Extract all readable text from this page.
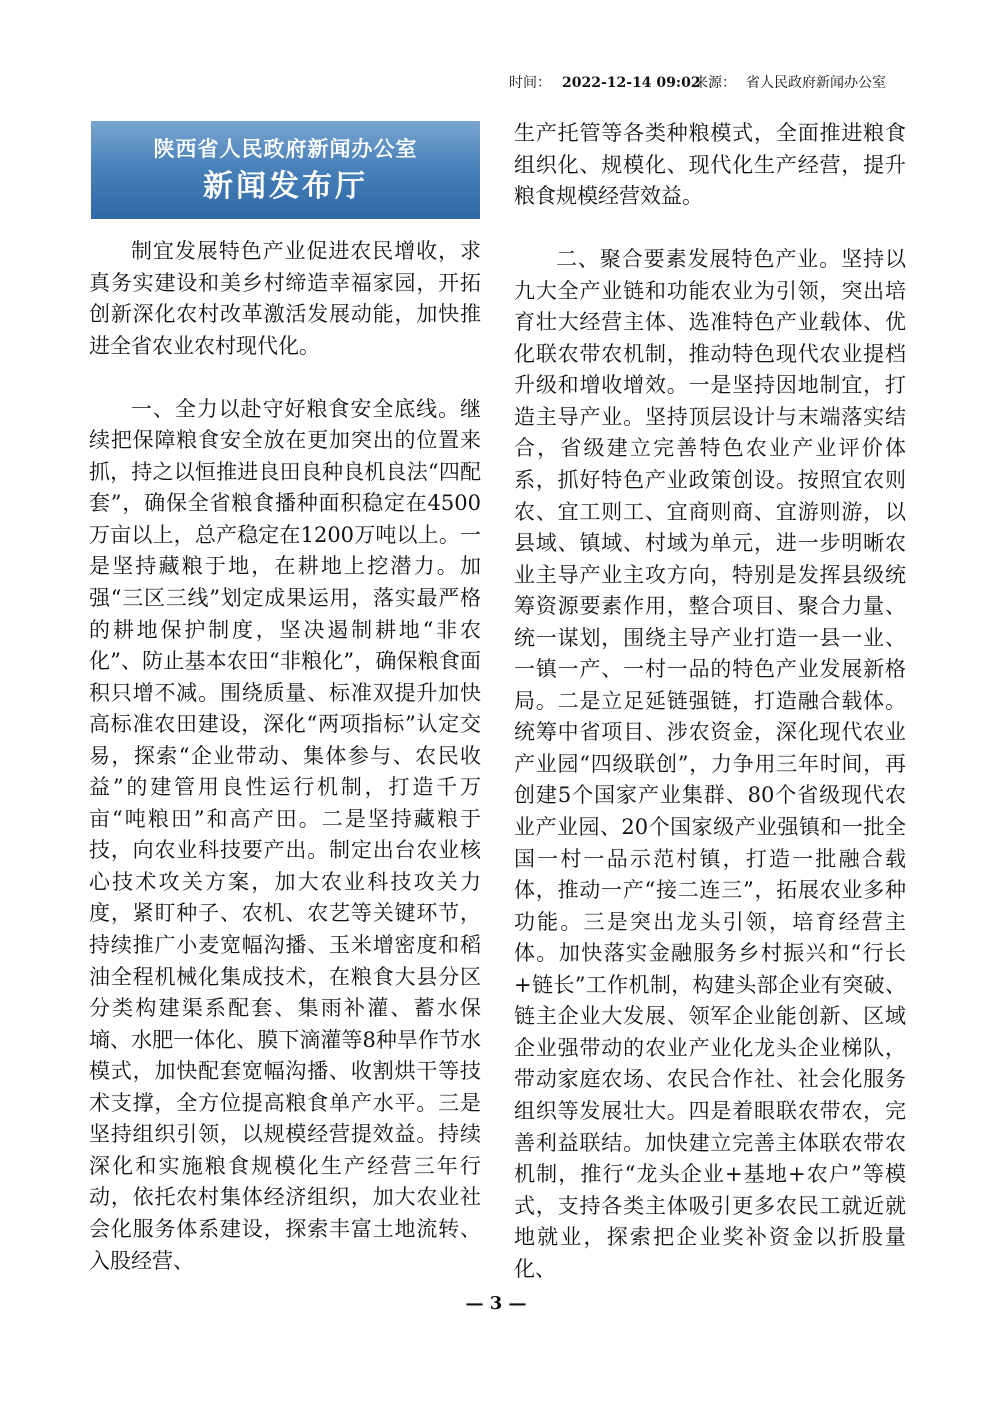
时间： 2022-12-14 09:02
来源： 省人民政府新闻办公室
陕西省人民政府新闻办公室
新闻发布厅

制宜发展特色产业促进农民增收，求真务实建设和美乡村缔造幸福家园，开拓创新深化农村改革激活发展动能，加快推进全省农业农村现代化。

一、全力以赴守好粮食安全底线。继续把保障粮食安全放在更加突出的位置来抓，持之以恒推进良田良种良机良法“四配套”，确保全省粮食播种面积稳定在4500万亩以上，总产稳定在1200万吨以上。一是坚持藏粮于地，在耕地上挖潜力。加强“三区三线”划定成果运用，落实最严格的耕地保护制度，坚决遏制耕地“非农化”、防止基本农田“非粮化”，确保粮食面积只增不减。围绕质量、标准双提升加快高标准农田建设，深化“两项指标”认定交易，探索“企业带动、集体参与、农民收益”的建管用良性运行机制，打造千万亩“吨粮田”和高产田。二是坚持藏粮于技，向农业科技要产出。制定出台农业核心技术攻关方案，加大农业科技攻关力度，紧盯种子、农机、农艺等关键环节，持续推广小麦宽幅沟播、玉米增密度和稻油全程机械化集成技术，在粮食大县分区分类构建渠系配套、集雨补灌、蓄水保墒、水肥一体化、膜下滴灌等8种旱作节水模式，加快配套宽幅沟播、收割烘干等技术支撑，全方位提高粮食单产水平。三是坚持组织引领，以规模经营提效益。持续深化和实施粮食规模化生产经营三年行动，依托农村集体经济组织，加大农业社会化服务体系建设，探索丰富土地流转、入股经营、

生产托管等各类种粮模式，全面推进粮食组织化、规模化、现代化生产经营，提升粮食规模经营效益。

二、聚合要素发展特色产业。坚持以九大全产业链和功能农业为引领，突出培育壮大经营主体、选准特色产业载体、优化联农带农机制，推动特色现代农业提档升级和增收增效。一是坚持因地制宜，打造主导产业。坚持顶层设计与末端落实结合，省级建立完善特色农业产业评价体系，抓好特色产业政策创设。按照宜农则农、宜工则工、宜商则商、宜游则游，以县域、镇域、村域为单元，进一步明晰农业主导产业主攻方向，特别是发挥县级统筹资源要素作用，整合项目、聚合力量、统一谋划，围绕主导产业打造一县一业、一镇一产、一村一品的特色产业发展新格局。二是立足延链强链，打造融合载体。统筹中省项目、涉农资金，深化现代农业产业园“四级联创”，力争用三年时间，再创建5个国家产业集群、80个省级现代农业产业园、20个国家级产业强镇和一批全国一村一品示范村镇，打造一批融合载体，推动一产“接二连三”，拓展农业多种功能。三是突出龙头引领，培育经营主体。加快落实金融服务乡村振兴和“行长+链长”工作机制，构建头部企业有突破、链主企业大发展、领军企业能创新、区域企业强带动的农业产业化龙头企业梯队，带动家庭农场、农民合作社、社会化服务组织等发展壮大。四是着眼联农带农，完善利益联结。加快建立完善主体联农带农机制，推行“龙头企业+基地+农户”等模式，支持各类主体吸引更多农民工就近就地就业，探索把企业奖补资金以折股量化、

— 3 —
